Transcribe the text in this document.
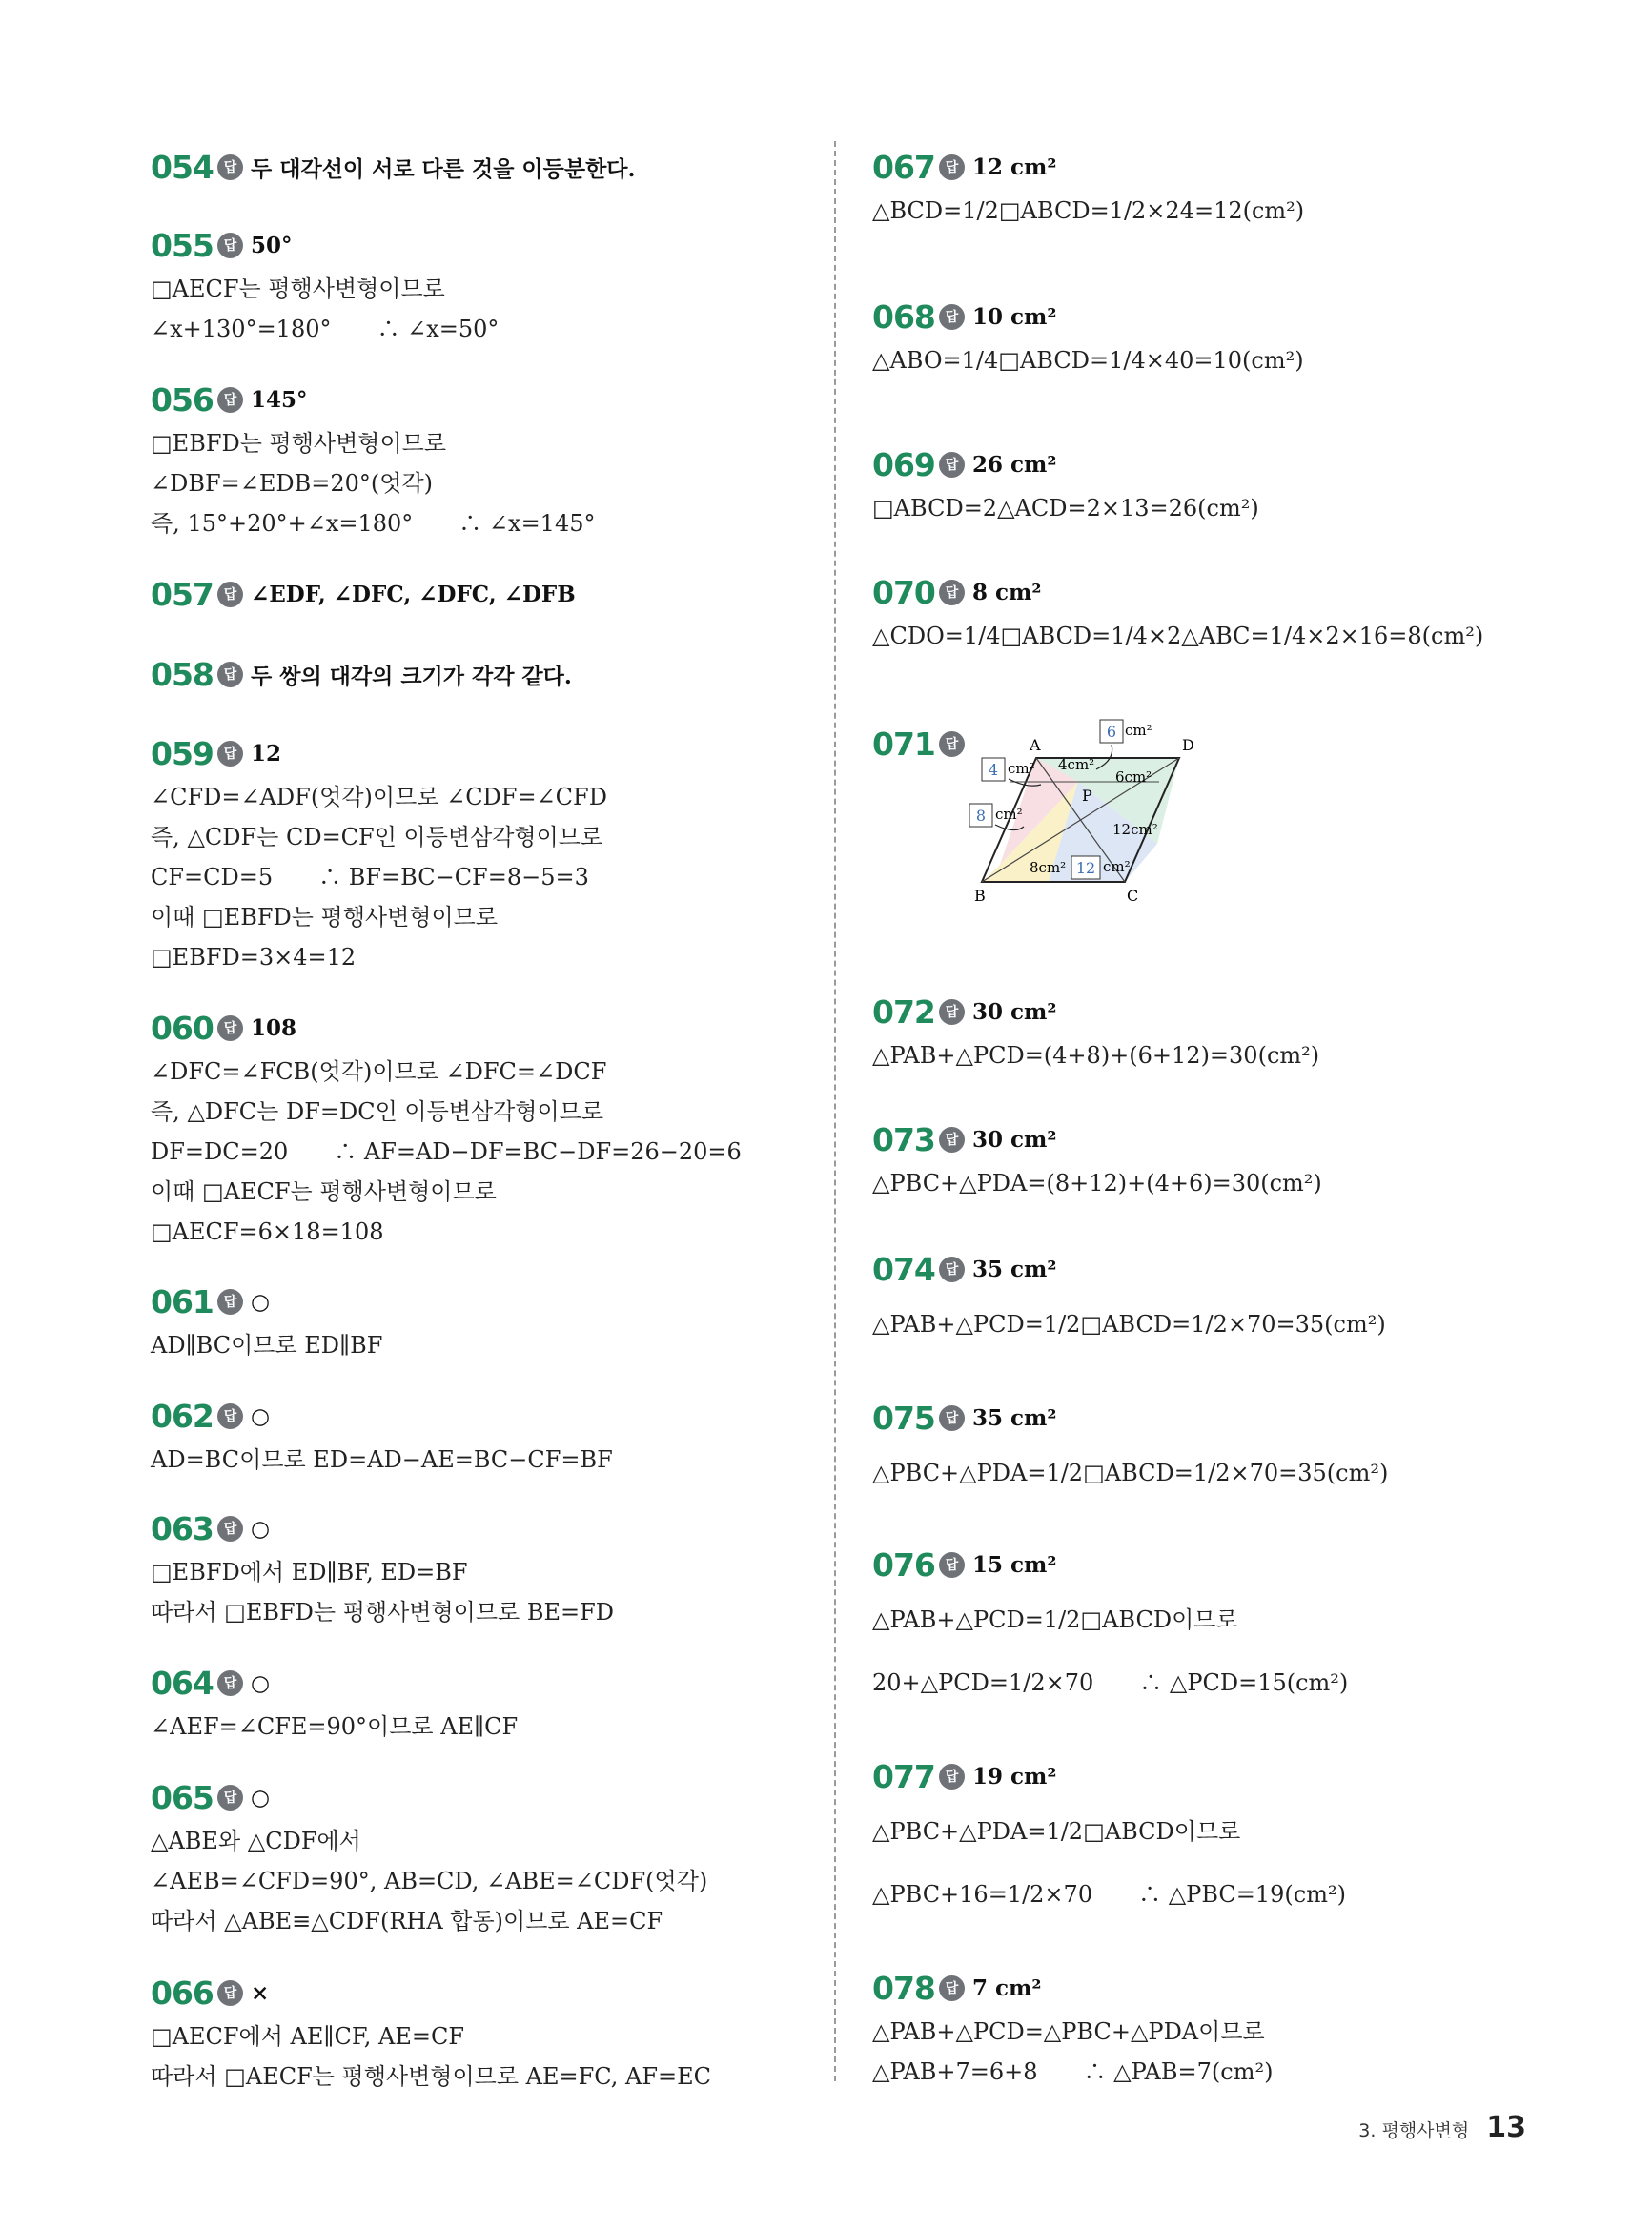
054 답 두 대각선이 서로 다른 것을 이등분한다.
055 답 50°
□AECF는 평행사변형이므로
∠x+130°=180°　　∴ ∠x=50°
056 답 145°
□EBFD는 평행사변형이므로
∠DBF=∠EDB=20°(엇각)
즉, 15°+20°+∠x=180°　　∴ ∠x=145°
057 답 ∠EDF, ∠DFC, ∠DFC, ∠DFB
058 답 두 쌍의 대각의 크기가 각각 같다.
059 답 12
∠CFD=∠ADF(엇각)이므로 ∠CDF=∠CFD
즉, △CDF는 CD=CF인 이등변삼각형이므로
CF=CD=5　　∴ BF=BC−CF=8−5=3
이때 □EBFD는 평행사변형이므로
□EBFD=3×4=12
060 답 108
∠DFC=∠FCB(엇각)이므로 ∠DFC=∠DCF
즉, △DFC는 DF=DC인 이등변삼각형이므로
DF=DC=20　　∴ AF=AD−DF=BC−DF=26−20=6
이때 □AECF는 평행사변형이므로
□AECF=6×18=108
061 답 ○
AD∥BC이므로 ED∥BF
062 답 ○
AD=BC이므로 ED=AD−AE=BC−CF=BF
063 답 ○
□EBFD에서 ED∥BF, ED=BF
따라서 □EBFD는 평행사변형이므로 BE=FD
064 답 ○
∠AEF=∠CFE=90°이므로 AE∥CF
065 답 ○
△ABE와 △CDF에서
∠AEB=∠CFD=90°, AB=CD, ∠ABE=∠CDF(엇각)
따라서 △ABE≡△CDF(RHA 합동)이므로 AE=CF
066 답 ×
□AECF에서 AE∥CF, AE=CF
따라서 □AECF는 평행사변형이므로 AE=FC, AF=EC
067 답 12 cm²
△BCD=1/2□ABCD=1/2×24=12(cm²)
068 답 10 cm²
△ABO=1/4□ABCD=1/4×40=10(cm²)
069 답 26 cm²
□ABCD=2△ACD=2×13=26(cm²)
070 답 8 cm²
△CDO=1/4□ABCD=1/4×2△ABC=1/4×2×16=8(cm²)
071 답	A
B	C
D
P
4cm²
6cm²
12cm²
8cm²
6 cm²
4 cm²
8 cm²
12 cm²
072 답 30 cm²
△PAB+△PCD=(4+8)+(6+12)=30(cm²)
073 답 30 cm²
△PBC+△PDA=(8+12)+(4+6)=30(cm²)
074 답 35 cm²
△PAB+△PCD=1/2□ABCD=1/2×70=35(cm²)
075 답 35 cm²
△PBC+△PDA=1/2□ABCD=1/2×70=35(cm²)
076 답 15 cm²
△PAB+△PCD=1/2□ABCD이므로
20+△PCD=1/2×70　　∴ △PCD=15(cm²)
077 답 19 cm²
△PBC+△PDA=1/2□ABCD이므로
△PBC+16=1/2×70　　∴ △PBC=19(cm²)
078 답 7 cm²
△PAB+△PCD=△PBC+△PDA이므로
△PAB+7=6+8　　∴ △PAB=7(cm²)
3. 평행사변형 13
